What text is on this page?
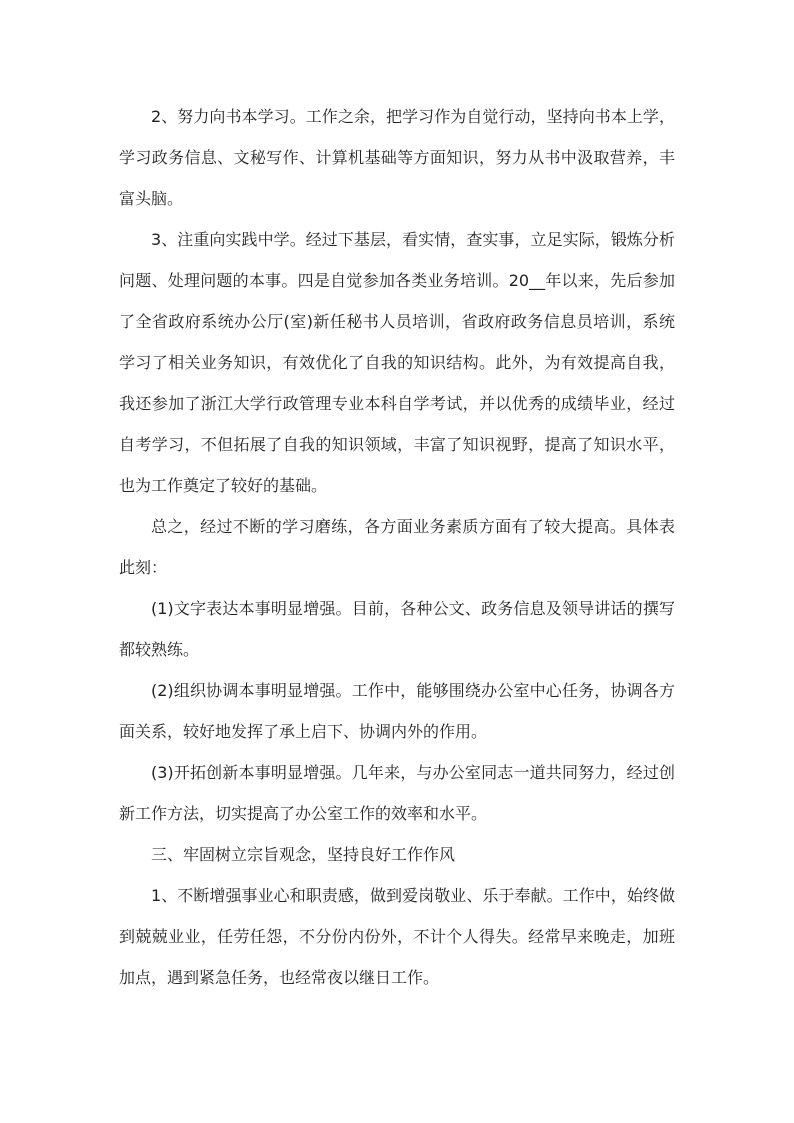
2、努力向书本学习。工作之余，把学习作为自觉行动，坚持向书本上学，学习政务信息、文秘写作、计算机基础等方面知识，努力从书中汲取营养，丰富头脑。

3、注重向实践中学。经过下基层，看实情，查实事，立足实际，锻炼分析问题、处理问题的本事。四是自觉参加各类业务培训。20__年以来，先后参加了全省政府系统办公厅(室)新任秘书人员培训，省政府政务信息员培训，系统学习了相关业务知识，有效优化了自我的知识结构。此外，为有效提高自我，我还参加了浙江大学行政管理专业本科自学考试，并以优秀的成绩毕业，经过自考学习，不但拓展了自我的知识领域，丰富了知识视野，提高了知识水平，也为工作奠定了较好的基础。

总之，经过不断的学习磨练，各方面业务素质方面有了较大提高。具体表此刻：

(1)文字表达本事明显增强。目前，各种公文、政务信息及领导讲话的撰写都较熟练。

(2)组织协调本事明显增强。工作中，能够围绕办公室中心任务，协调各方面关系，较好地发挥了承上启下、协调内外的作用。

(3)开拓创新本事明显增强。几年来，与办公室同志一道共同努力，经过创新工作方法，切实提高了办公室工作的效率和水平。

三、牢固树立宗旨观念，坚持良好工作作风

1、不断增强事业心和职责感，做到爱岗敬业、乐于奉献。工作中，始终做到兢兢业业，任劳任怨，不分份内份外，不计个人得失。经常早来晚走，加班加点，遇到紧急任务，也经常夜以继日工作。
